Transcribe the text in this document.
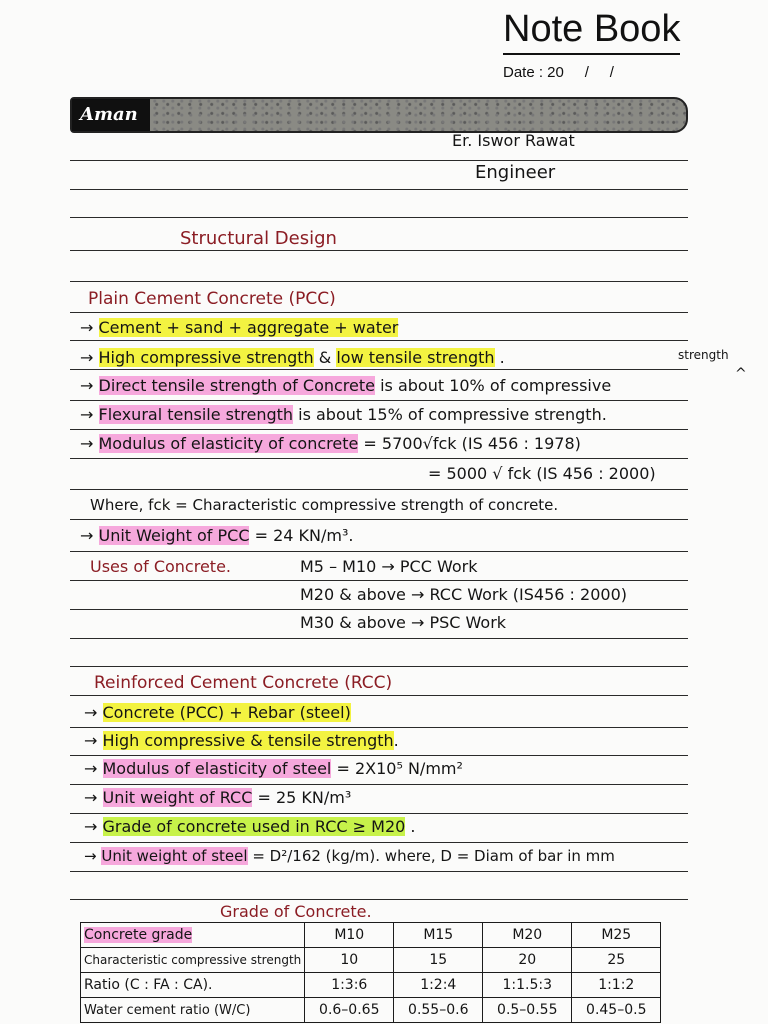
Note Book
Date : 20     /     /
Aman
Er. Iswor Rawat
Engineer
Structural Design
Plain Cement Concrete (PCC)
→ Cement + sand + aggregate + water
→ High compressive strength & low tensile strength .	strength
^
→ Direct tensile strength of Concrete is about 10% of compressive
→ Flexural tensile strength is about 15% of compressive strength.
→ Modulus of elasticity of concrete = 5700√fck (IS 456 : 1978)
= 5000 √ fck (IS 456 : 2000)
Where, fck = Characteristic compressive strength of concrete.
→ Unit Weight of PCC = 24 KN/m³.
Uses of Concrete.	M5 – M10 → PCC Work
M20 & above → RCC Work (IS456 : 2000)
M30 & above → PSC Work
Reinforced Cement Concrete (RCC)
→ Concrete (PCC) + Rebar (steel)
→ High compressive & tensile strength.
→ Modulus of elasticity of steel = 2X10⁵ N/mm²
→ Unit weight of RCC = 25 KN/m³
→ Grade of concrete used in RCC ≥ M20 .
→ Unit weight of steel = D²/162 (kg/m). where, D = Diam of bar in mm
Grade of Concrete.
Concrete grade	M10	M15	M20	M25
Characteristic compressive strength	10	15	20	25
Ratio (C : FA : CA).	1:3:6	1:2:4	1:1.5:3	1:1:2
Water cement ratio (W/C)	0.6–0.65	0.55–0.6	0.5–0.55	0.45–0.5
